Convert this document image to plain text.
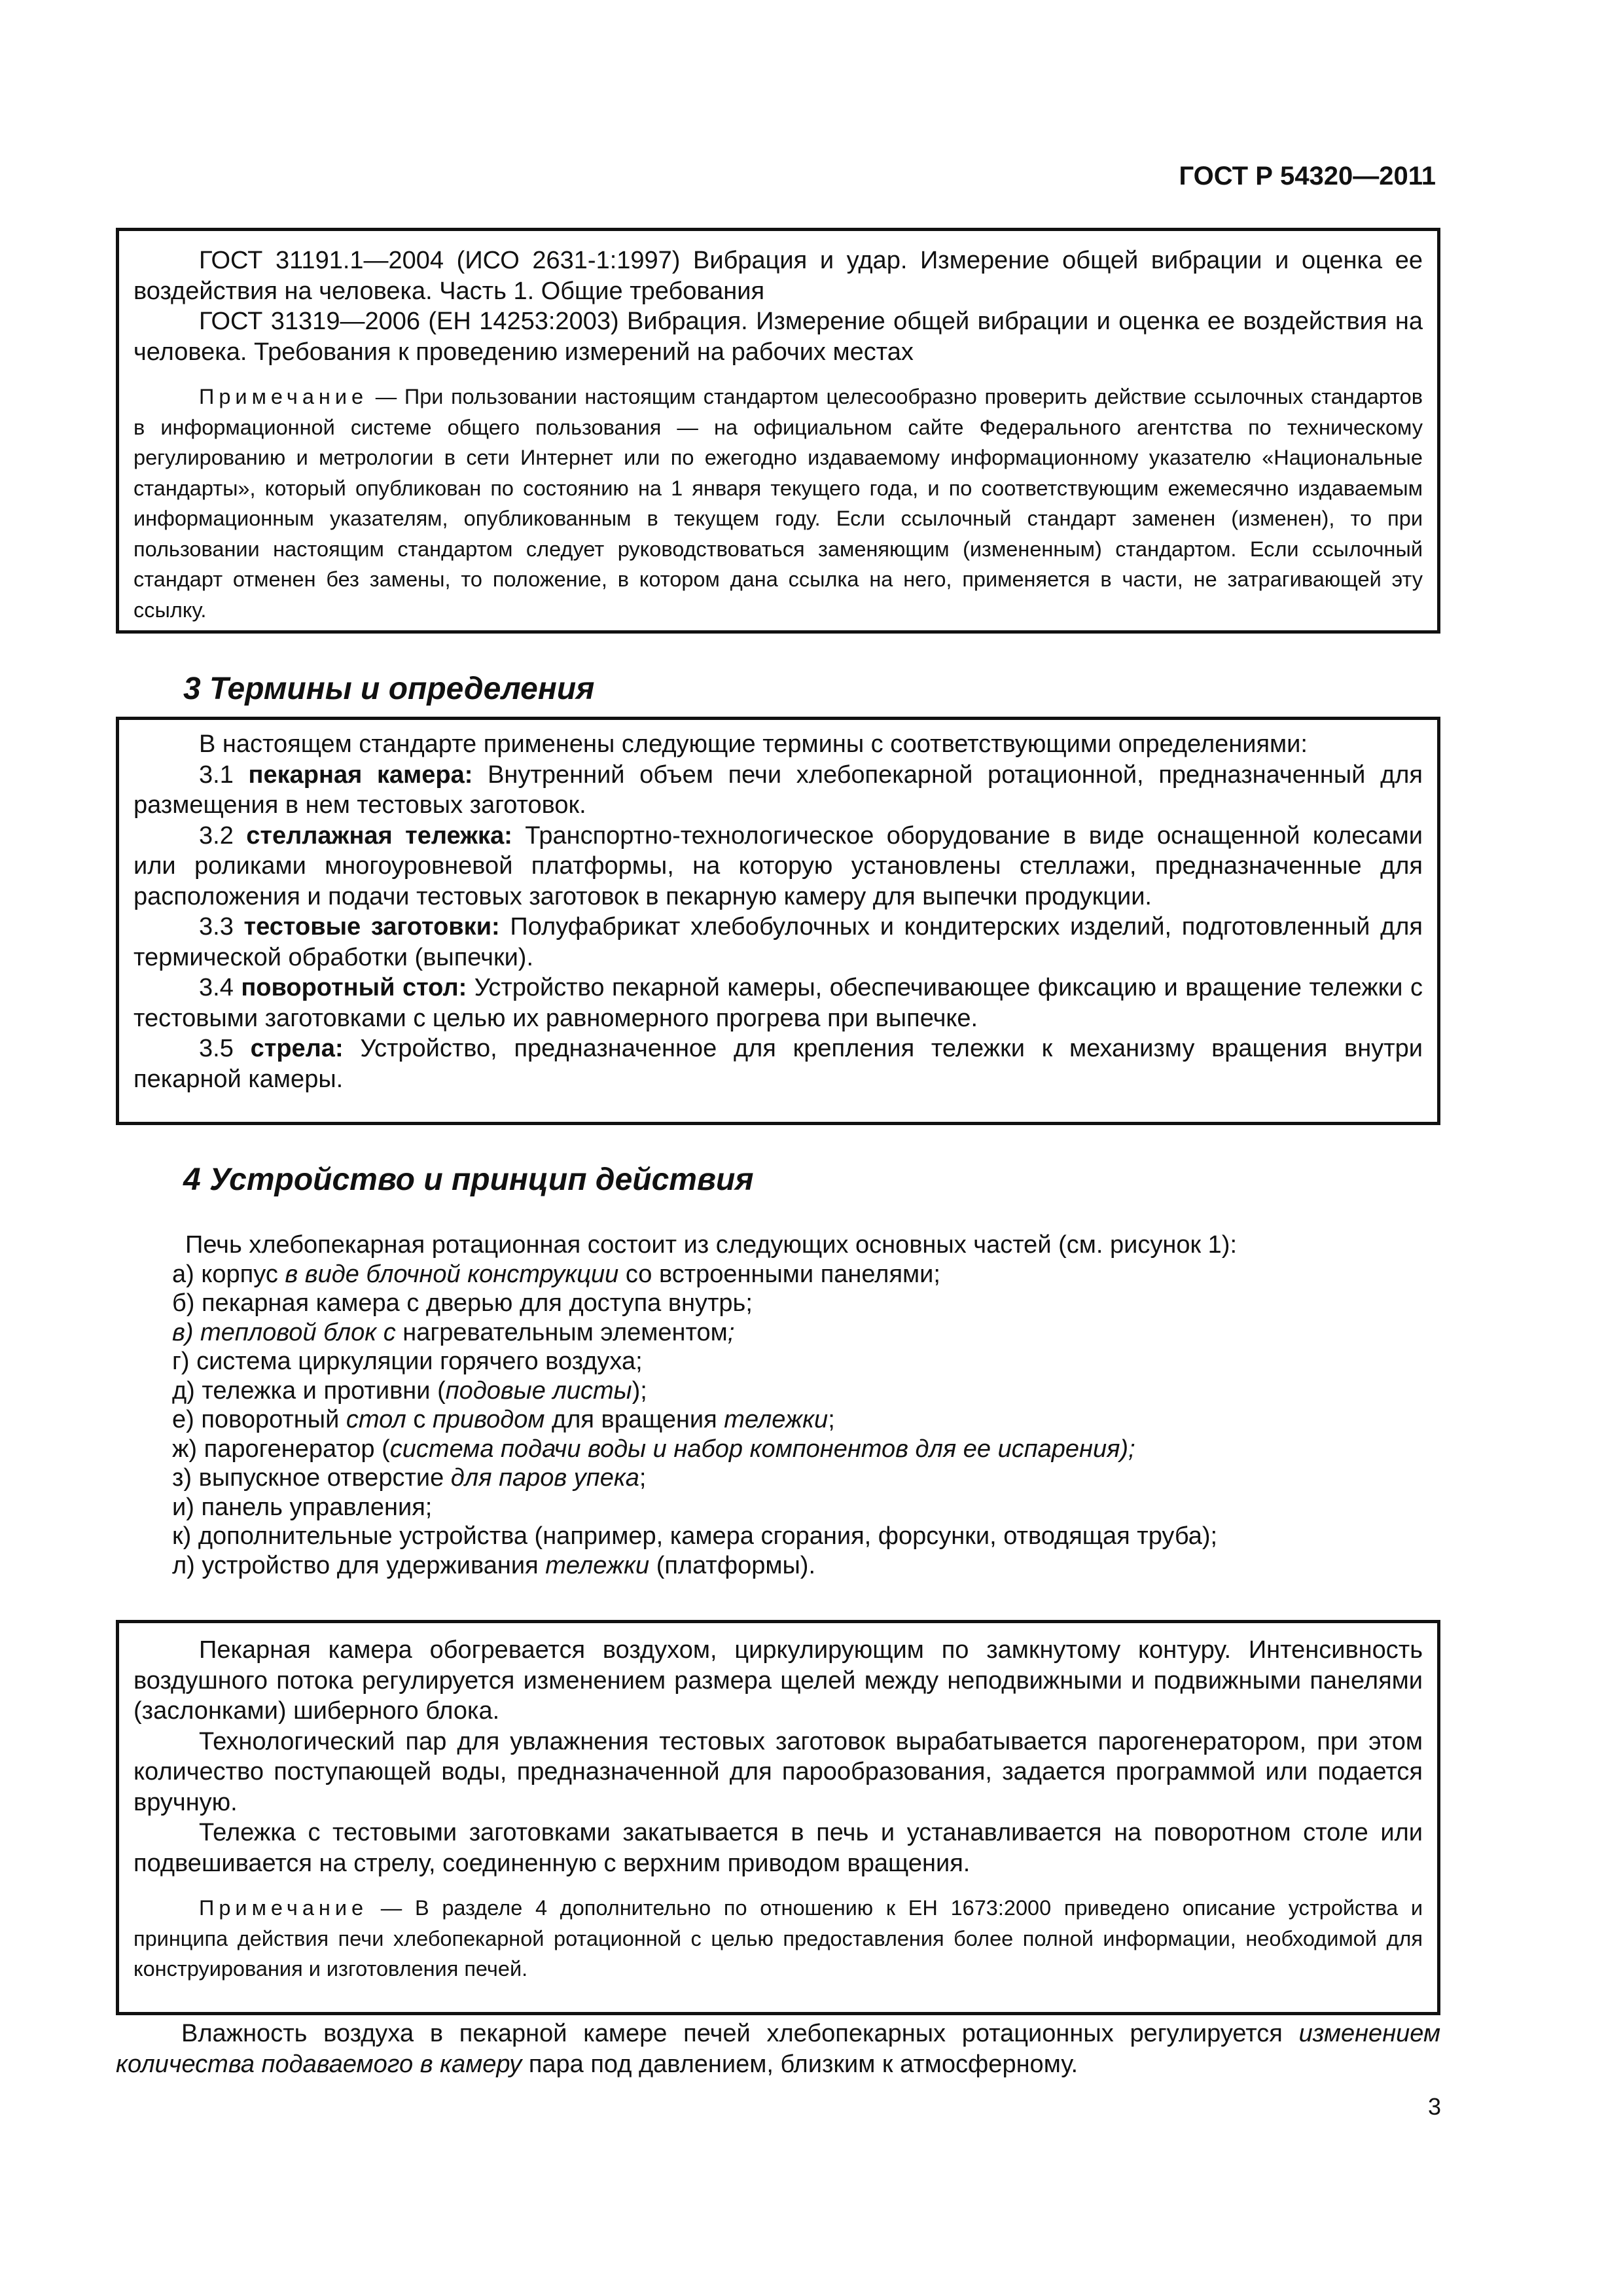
ГОСТ Р 54320—2011

ГОСТ 31191.1—2004 (ИСО 2631-1:1997) Вибрация и удар. Измерение общей вибрации и оценка ее воздействия на человека. Часть 1. Общие требования

ГОСТ 31319—2006 (ЕН 14253:2003) Вибрация. Измерение общей вибрации и оценка ее воздействия на человека. Требования к проведению измерений на рабочих местах

Примечание — При пользовании настоящим стандартом целесообразно проверить действие ссылочных стандартов в информационной системе общего пользования — на официальном сайте Федерального агентства по техническому регулированию и метрологии в сети Интернет или по ежегодно издаваемому информационному указателю «Национальные стандарты», который опубликован по состоянию на 1 января текущего года, и по соответствующим ежемесячно издаваемым информационным указателям, опубликованным в текущем году. Если ссылочный стандарт заменен (изменен), то при пользовании настоящим стандартом следует руководствоваться заменяющим (измененным) стандартом. Если ссылочный стандарт отменен без замены, то положение, в котором дана ссылка на него, применяется в части, не затрагивающей эту ссылку.

3 Термины и определения

В настоящем стандарте применены следующие термины с соответствующими определениями:

3.1 пекарная камера: Внутренний объем печи хлебопекарной ротационной, предназначенный для размещения в нем тестовых заготовок.

3.2 стеллажная тележка: Транспортно-технологическое оборудование в виде оснащенной колесами или роликами многоуровневой платформы, на которую установлены стеллажи, предназначенные для расположения и подачи тестовых заготовок в пекарную камеру для выпечки продукции.

3.3 тестовые заготовки: Полуфабрикат хлебобулочных и кондитерских изделий, подготовленный для термической обработки (выпечки).

3.4 поворотный стол: Устройство пекарной камеры, обеспечивающее фиксацию и вращение тележки с тестовыми заготовками с целью их равномерного прогрева при выпечке.

3.5 стрела: Устройство, предназначенное для крепления тележки к механизму вращения внутри пекарной камеры.

4 Устройство и принцип действия

Печь хлебопекарная ротационная состоит из следующих основных частей (см. рисунок 1):

а) корпус в виде блочной конструкции со встроенными панелями;
б) пекарная камера с дверью для доступа внутрь;
в) тепловой блок с нагревательным элементом;
г) система циркуляции горячего воздуха;
д) тележка и противни (подовые листы);
е) поворотный стол с приводом для вращения тележки;
ж) парогенератор (система подачи воды и набор компонентов для ее испарения);
з) выпускное отверстие для паров упека;
и) панель управления;
к) дополнительные устройства (например, камера сгорания, форсунки, отводящая труба);
л) устройство для удерживания тележки (платформы).

Пекарная камера обогревается воздухом, циркулирующим по замкнутому контуру. Интенсивность воздушного потока регулируется изменением размера щелей между неподвижными и подвижными панелями (заслонками) шиберного блока.

Технологический пар для увлажнения тестовых заготовок вырабатывается парогенератором, при этом количество поступающей воды, предназначенной для парообразования, задается программой или подается вручную.

Тележка с тестовыми заготовками закатывается в печь и устанавливается на поворотном столе или подвешивается на стрелу, соединенную с верхним приводом вращения.

Примечание — В разделе 4 дополнительно по отношению к ЕН 1673:2000 приведено описание устройства и принципа действия печи хлебопекарной ротационной с целью предоставления более полной информации, необходимой для конструирования и изготовления печей.

Влажность воздуха в пекарной камере печей хлебопекарных ротационных регулируется изменением количества подаваемого в камеру пара под давлением, близким к атмосферному.

3
